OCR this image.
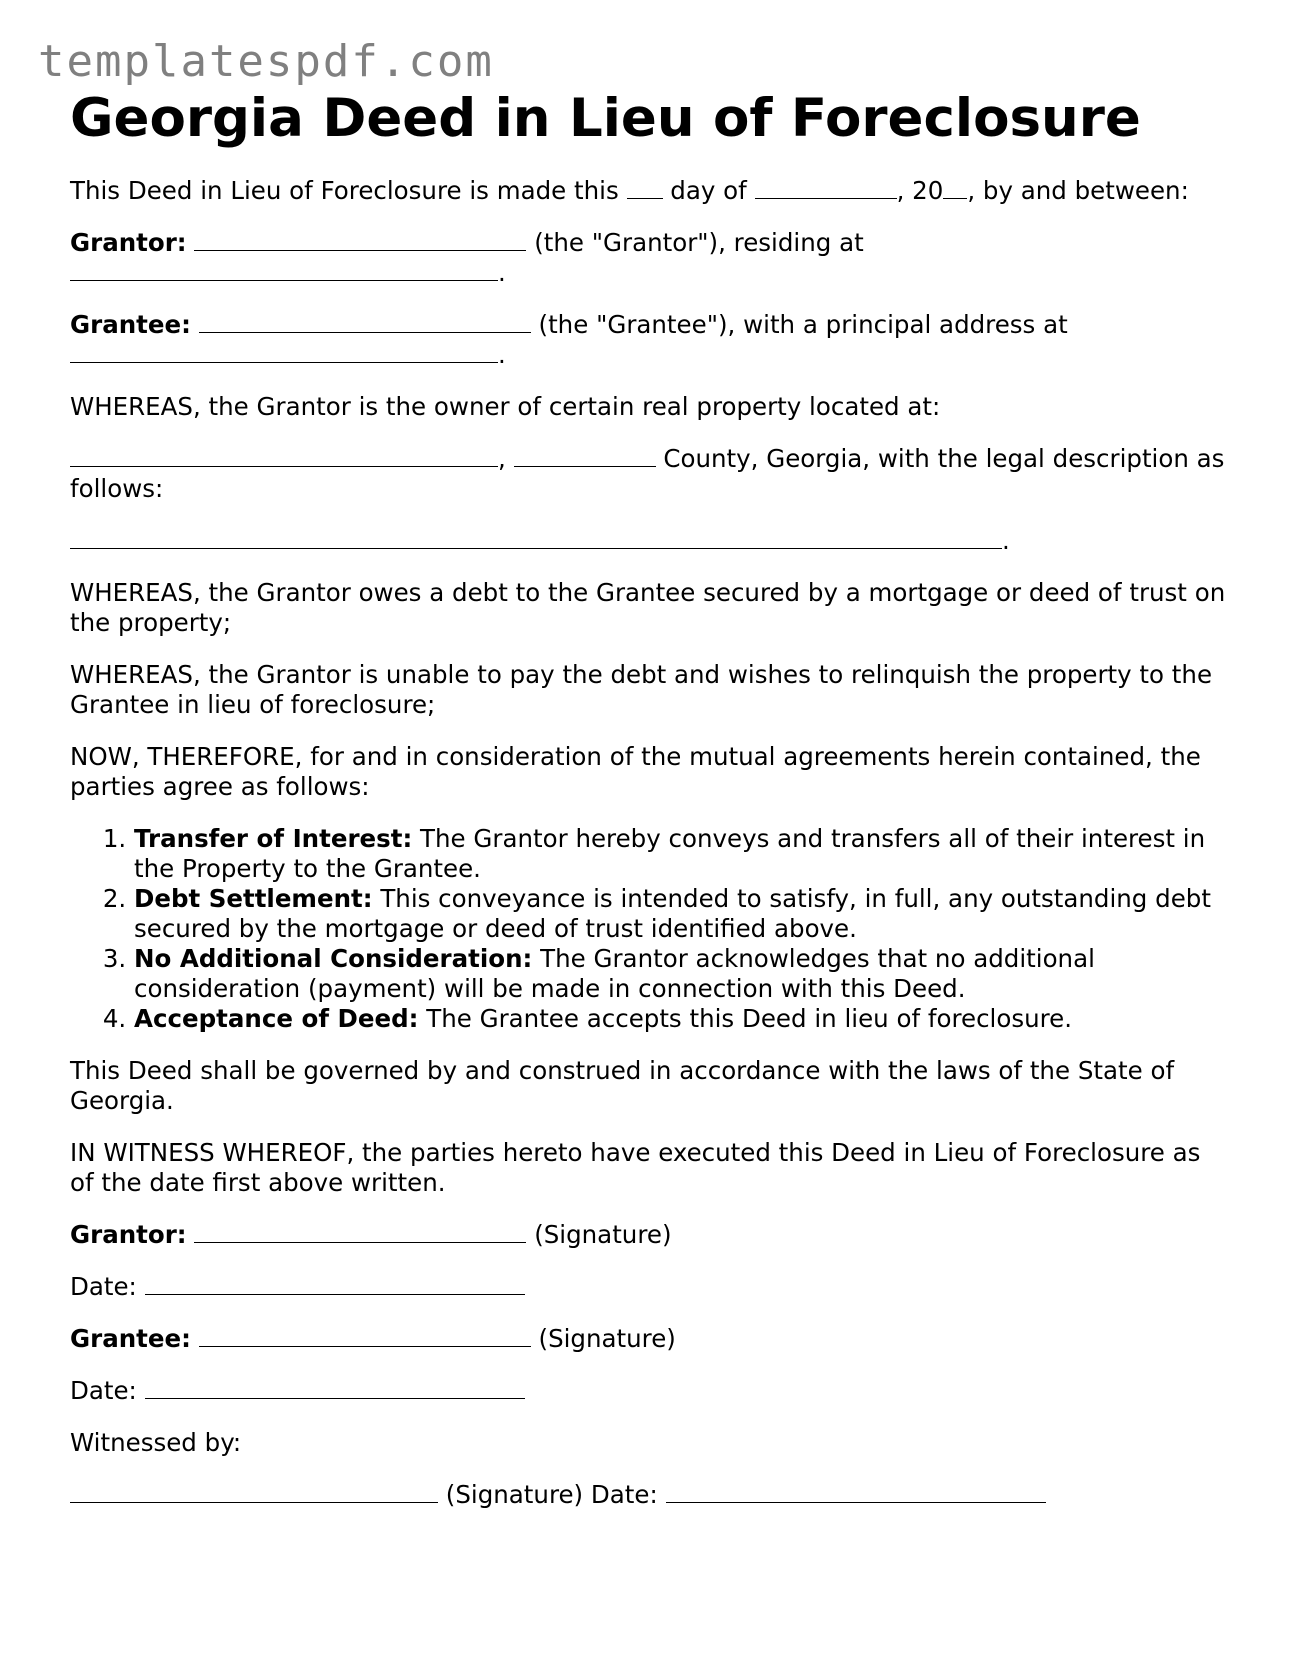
templatespdf.com
Georgia Deed in Lieu of Foreclosure

This Deed in Lieu of Foreclosure is made this day of	, 20 , by and between:

Grantor:	(the "Grantor"), residing at
.

Grantee:	(the "Grantee"), with a principal address at
.

WHEREAS, the Grantor is the owner of certain real property located at:

,	County, Georgia, with the legal description as follows:

.

WHEREAS, the Grantor owes a debt to the Grantee secured by a mortgage or deed of trust on the property;

WHEREAS, the Grantor is unable to pay the debt and wishes to relinquish the property to the Grantee in lieu of foreclosure;

NOW, THEREFORE, for and in consideration of the mutual agreements herein contained, the parties agree as follows:

1. Transfer of Interest: The Grantor hereby conveys and transfers all of their interest in the Property to the Grantee.
2. Debt Settlement: This conveyance is intended to satisfy, in full, any outstanding debt secured by the mortgage or deed of trust identified above.
3. No Additional Consideration: The Grantor acknowledges that no additional consideration (payment) will be made in connection with this Deed.
4. Acceptance of Deed: The Grantee accepts this Deed in lieu of foreclosure.

This Deed shall be governed by and construed in accordance with the laws of the State of Georgia.

IN WITNESS WHEREOF, the parties hereto have executed this Deed in Lieu of Foreclosure as of the date first above written.

Grantor:	(Signature)

Date:

Grantee:	(Signature)

Date:

Witnessed by:

(Signature) Date:
